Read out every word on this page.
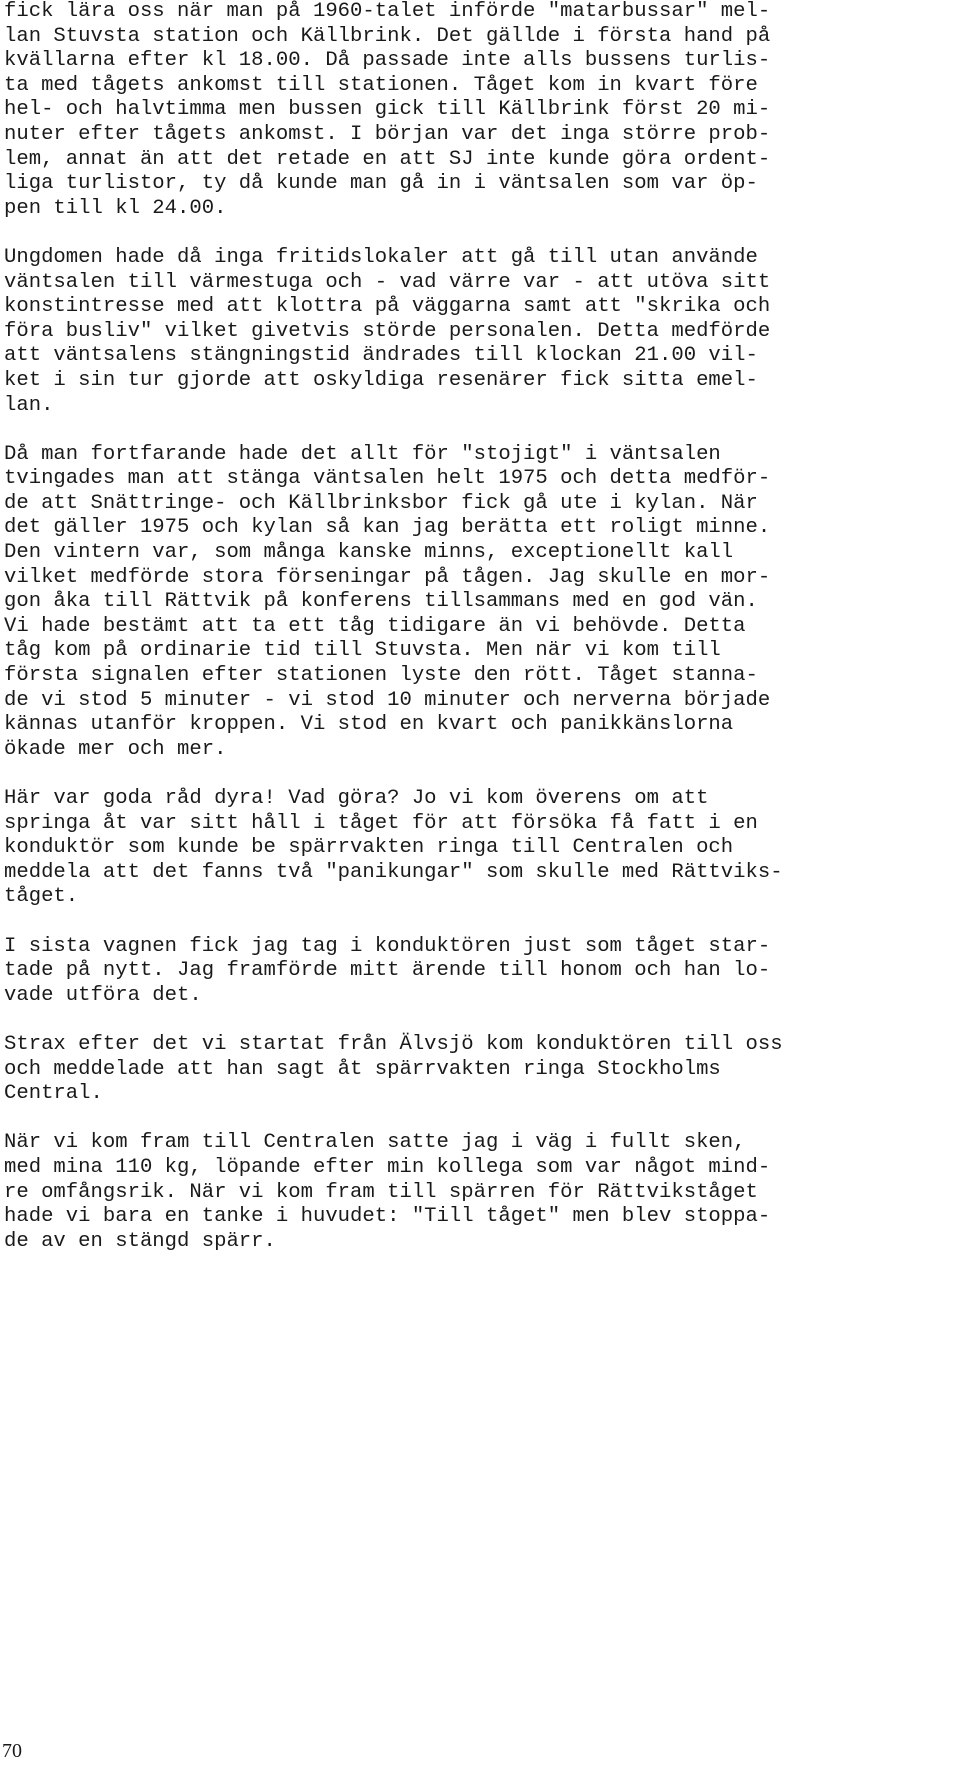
fick lära oss när man på 1960-talet införde "matarbussar" mel-
lan Stuvsta station och Källbrink. Det gällde i första hand på
kvällarna efter kl 18.00. Då passade inte alls bussens turlis-
ta med tågets ankomst till stationen. Tåget kom in kvart före
hel- och halvtimma men bussen gick till Källbrink först 20 mi-
nuter efter tågets ankomst. I början var det inga större prob-
lem, annat än att det retade en att SJ inte kunde göra ordent-
liga turlistor, ty då kunde man gå in i väntsalen som var öp-
pen till kl 24.00.

Ungdomen hade då inga fritidslokaler att gå till utan använde
väntsalen till värmestuga och - vad värre var - att utöva sitt
konstintresse med att klottra på väggarna samt att "skrika och
föra busliv" vilket givetvis störde personalen. Detta medförde
att väntsalens stängningstid ändrades till klockan 21.00 vil-
ket i sin tur gjorde att oskyldiga resenärer fick sitta emel-
lan.

Då man fortfarande hade det allt för "stojigt" i väntsalen
tvingades man att stänga väntsalen helt 1975 och detta medför-
de att Snättringe- och Källbrinksbor fick gå ute i kylan. När
det gäller 1975 och kylan så kan jag berätta ett roligt minne.
Den vintern var, som många kanske minns, exceptionellt kall
vilket medförde stora förseningar på tågen. Jag skulle en mor-
gon åka till Rättvik på konferens tillsammans med en god vän.
Vi hade bestämt att ta ett tåg tidigare än vi behövde. Detta
tåg kom på ordinarie tid till Stuvsta. Men när vi kom till
första signalen efter stationen lyste den rött. Tåget stanna-
de vi stod 5 minuter - vi stod 10 minuter och nerverna började
kännas utanför kroppen. Vi stod en kvart och panikkänslorna
ökade mer och mer.

Här var goda råd dyra! Vad göra? Jo vi kom överens om att
springa åt var sitt håll i tåget för att försöka få fatt i en
konduktör som kunde be spärrvakten ringa till Centralen och
meddela att det fanns två "panikungar" som skulle med Rättviks-
tåget.

I sista vagnen fick jag tag i konduktören just som tåget star-
tade på nytt. Jag framförde mitt ärende till honom och han lo-
vade utföra det.

Strax efter det vi startat från Älvsjö kom konduktören till oss
och meddelade att han sagt åt spärrvakten ringa Stockholms
Central.

När vi kom fram till Centralen satte jag i väg i fullt sken,
med mina 110 kg, löpande efter min kollega som var något mind-
re omfångsrik. När vi kom fram till spärren för Rättvikståget
hade vi bara en tanke i huvudet: "Till tåget" men blev stoppa-
de av en stängd spärr.

70
